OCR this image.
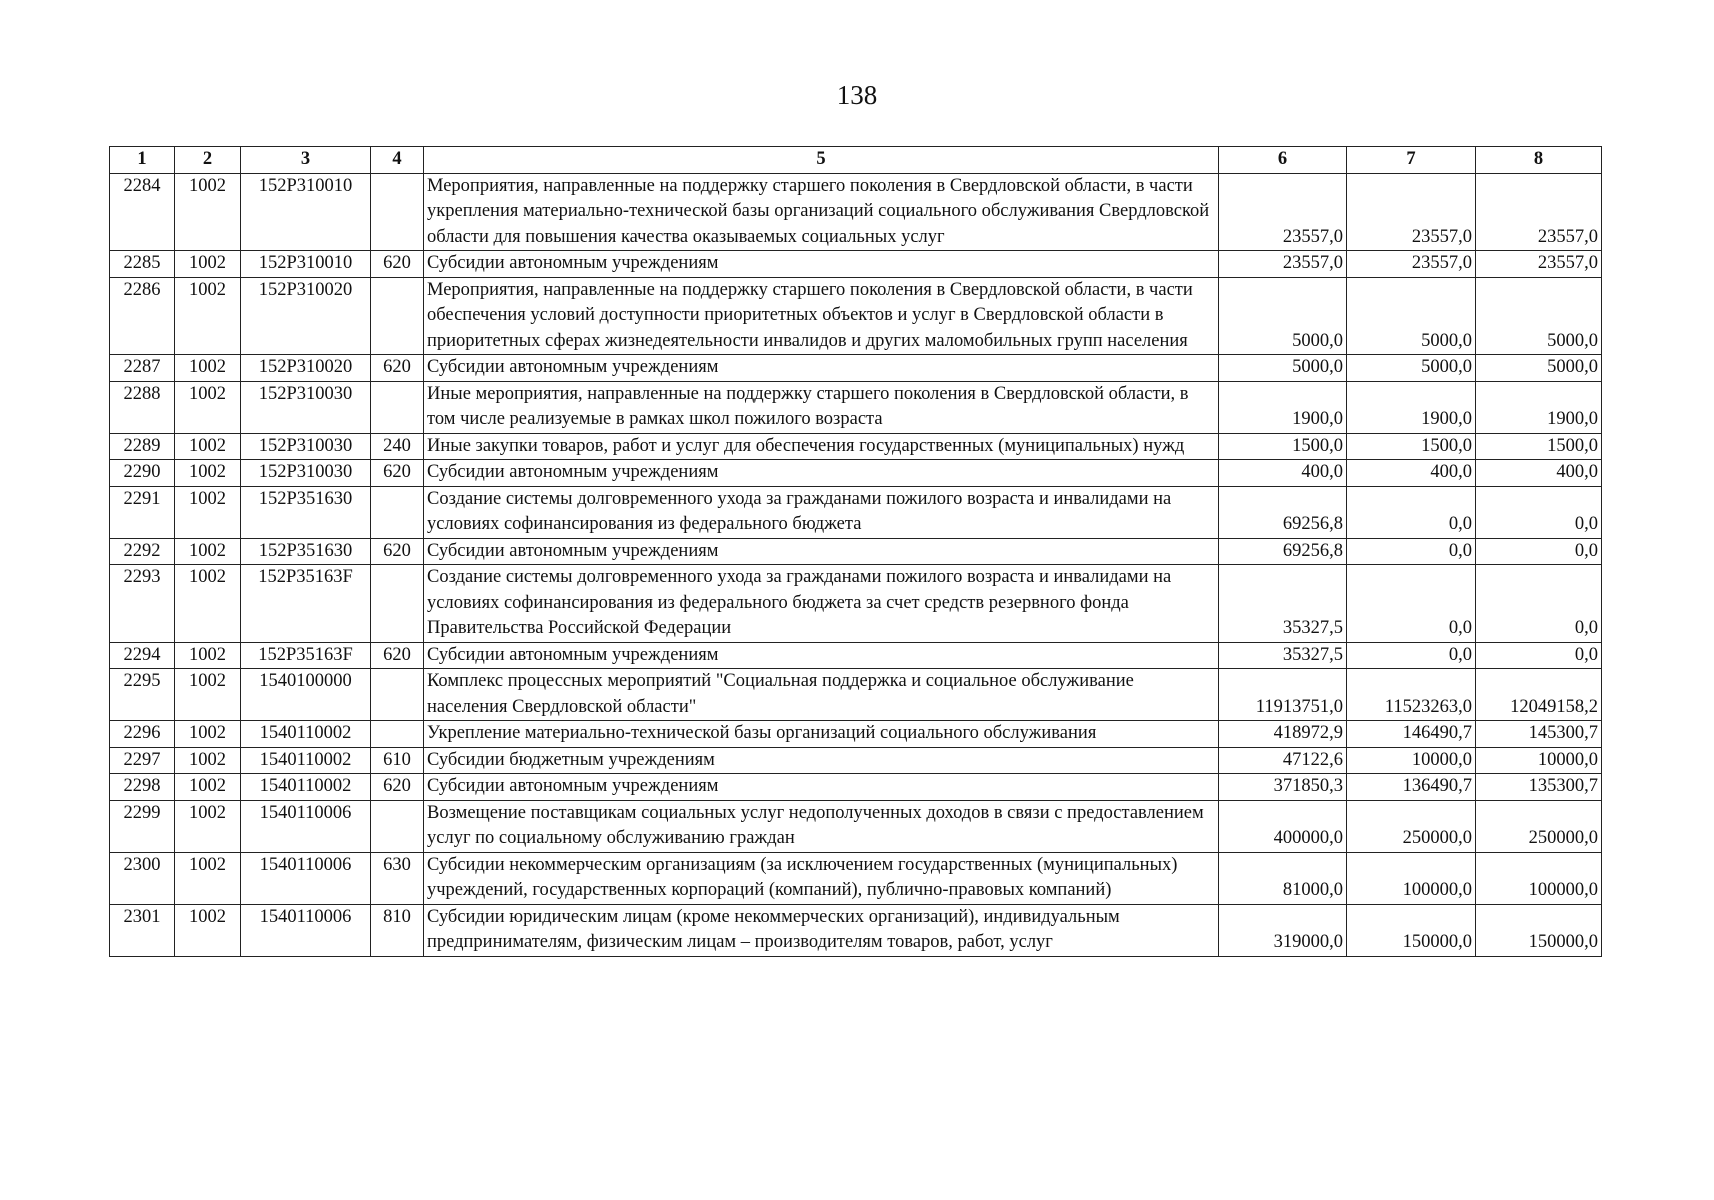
138
1	2	3	4	5	6	7	8
2284	1002	152P310010		Мероприятия, направленные на поддержку старшего поколения в Свердловской области, в части укрепления материально-технической базы организаций социального обслуживания Свердловской области для повышения качества оказываемых социальных услуг	23557,0	23557,0	23557,0
2285	1002	152P310010	620	Субсидии автономным учреждениям	23557,0	23557,0	23557,0
2286	1002	152P310020		Мероприятия, направленные на поддержку старшего поколения в Свердловской области, в части обеспечения условий доступности приоритетных объектов и услуг в Свердловской области в приоритетных сферах жизнедеятельности инвалидов и других маломобильных групп населения	5000,0	5000,0	5000,0
2287	1002	152P310020	620	Субсидии автономным учреждениям	5000,0	5000,0	5000,0
2288	1002	152P310030		Иные мероприятия, направленные на поддержку старшего поколения в Свердловской области, в том числе реализуемые в рамках школ пожилого возраста	1900,0	1900,0	1900,0
2289	1002	152P310030	240	Иные закупки товаров, работ и услуг для обеспечения государственных (муниципальных) нужд	1500,0	1500,0	1500,0
2290	1002	152P310030	620	Субсидии автономным учреждениям	400,0	400,0	400,0
2291	1002	152P351630		Создание системы долговременного ухода за гражданами пожилого возраста и инвалидами на условиях софинансирования из федерального бюджета	69256,8	0,0	0,0
2292	1002	152P351630	620	Субсидии автономным учреждениям	69256,8	0,0	0,0
2293	1002	152P35163F		Создание системы долговременного ухода за гражданами пожилого возраста и инвалидами на условиях софинансирования из федерального бюджета за счет средств резервного фонда Правительства Российской Федерации	35327,5	0,0	0,0
2294	1002	152P35163F	620	Субсидии автономным учреждениям	35327,5	0,0	0,0
2295	1002	1540100000		Комплекс процессных мероприятий "Социальная поддержка и социальное обслуживание населения Свердловской области"	11913751,0	11523263,0	12049158,2
2296	1002	1540110002		Укрепление материально-технической базы организаций социального обслуживания	418972,9	146490,7	145300,7
2297	1002	1540110002	610	Субсидии бюджетным учреждениям	47122,6	10000,0	10000,0
2298	1002	1540110002	620	Субсидии автономным учреждениям	371850,3	136490,7	135300,7
2299	1002	1540110006		Возмещение поставщикам социальных услуг недополученных доходов в связи с предоставлением услуг по социальному обслуживанию граждан	400000,0	250000,0	250000,0
2300	1002	1540110006	630	Субсидии некоммерческим организациям (за исключением государственных (муниципальных) учреждений, государственных корпораций (компаний), публично-правовых компаний)	81000,0	100000,0	100000,0
2301	1002	1540110006	810	Субсидии юридическим лицам (кроме некоммерческих организаций), индивидуальным предпринимателям, физическим лицам – производителям товаров, работ, услуг	319000,0	150000,0	150000,0
